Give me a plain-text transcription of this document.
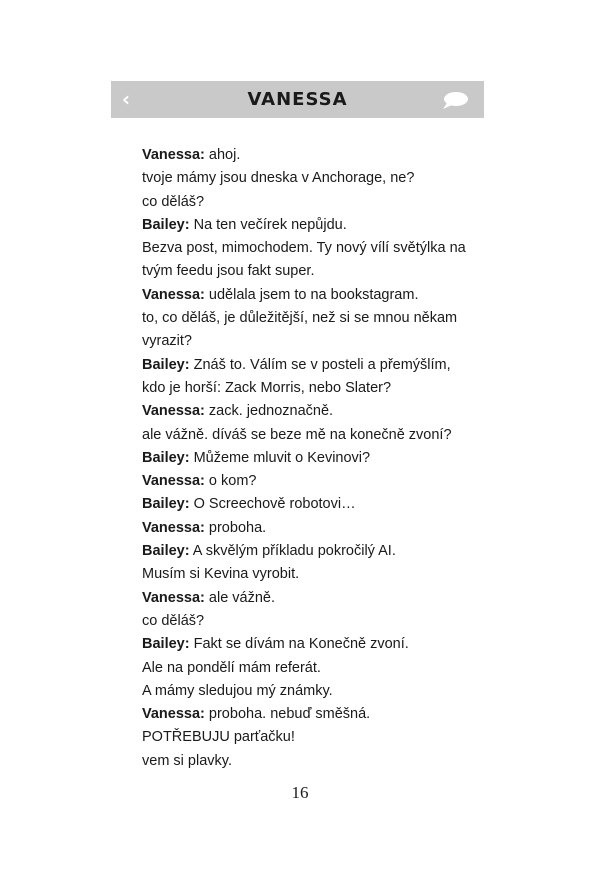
‹	VANESSA
Vanessa: ahoj.
tvoje mámy jsou dneska v Anchorage, ne?
co děláš?
Bailey: Na ten večírek nepůjdu.
Bezva post, mimochodem. Ty nový vílí světýlka na
tvým feedu jsou fakt super.
Vanessa: udělala jsem to na bookstagram.
to, co děláš, je důležitější, než si se mnou někam
vyrazit?
Bailey: Znáš to. Válím se v posteli a přemýšlím,
kdo je horší: Zack Morris, nebo Slater?
Vanessa: zack. jednoznačně.
ale vážně. díváš se beze mě na konečně zvoní?
Bailey: Můžeme mluvit o Kevinovi?
Vanessa: o kom?
Bailey: O Screechově robotovi…
Vanessa: proboha.
Bailey: A skvělým příkladu pokročilý AI.
Musím si Kevina vyrobit.
Vanessa: ale vážně.
co děláš?
Bailey: Fakt se dívám na Konečně zvoní.
Ale na pondělí mám referát.
A mámy sledujou mý známky.
Vanessa: proboha. nebuď směšná.
POTŘEBUJU parťačku!
vem si plavky.
16
